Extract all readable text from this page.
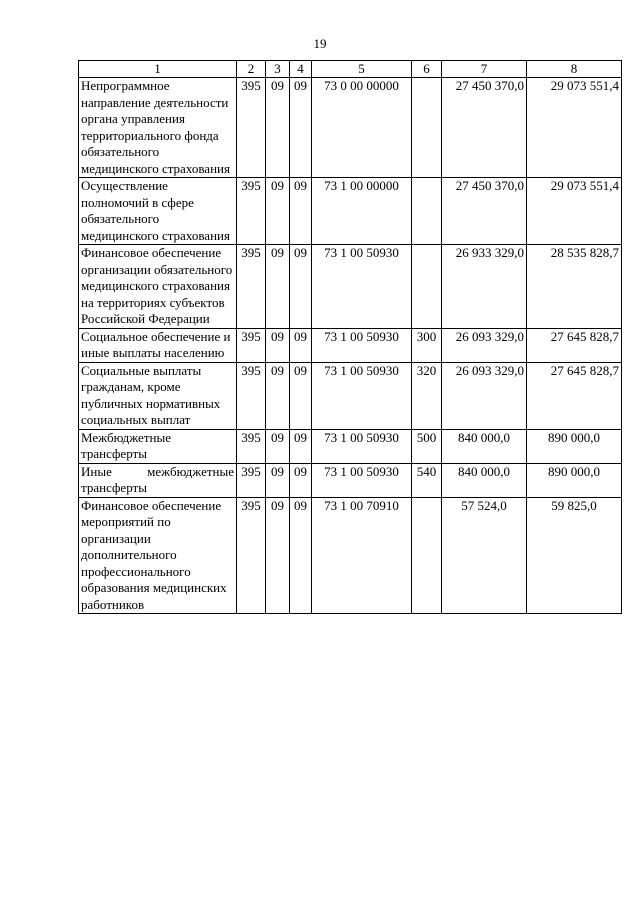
19
1	2	3	4	5	6	7	8
Непрограммное направление деятельности органа управления территориального фонда обязательного медицинского страхования	395	09	09	73 0 00 00000		27 450 370,0	29 073 551,4
Осуществление полномочий в сфере обязательного медицинского страхования	395	09	09	73 1 00 00000		27 450 370,0	29 073 551,4
Финансовое обеспечение организации обязательного медицинского страхования на территориях субъектов Российской Федерации	395	09	09	73 1 00 50930		26 933 329,0	28 535 828,7
Социальное обеспечение и иные выплаты населению	395	09	09	73 1 00 50930	300	26 093 329,0	27 645 828,7
Социальные выплаты гражданам, кроме публичных нормативных социальных выплат	395	09	09	73 1 00 50930	320	26 093 329,0	27 645 828,7
Межбюджетные трансферты	395	09	09	73 1 00 50930	500	840 000,0	890 000,0
Иные межбюджетные трансферты	395	09	09	73 1 00 50930	540	840 000,0	890 000,0
Финансовое обеспечение мероприятий по организации дополнительного профессионального образования медицинских работников	395	09	09	73 1 00 70910		57 524,0	59 825,0
